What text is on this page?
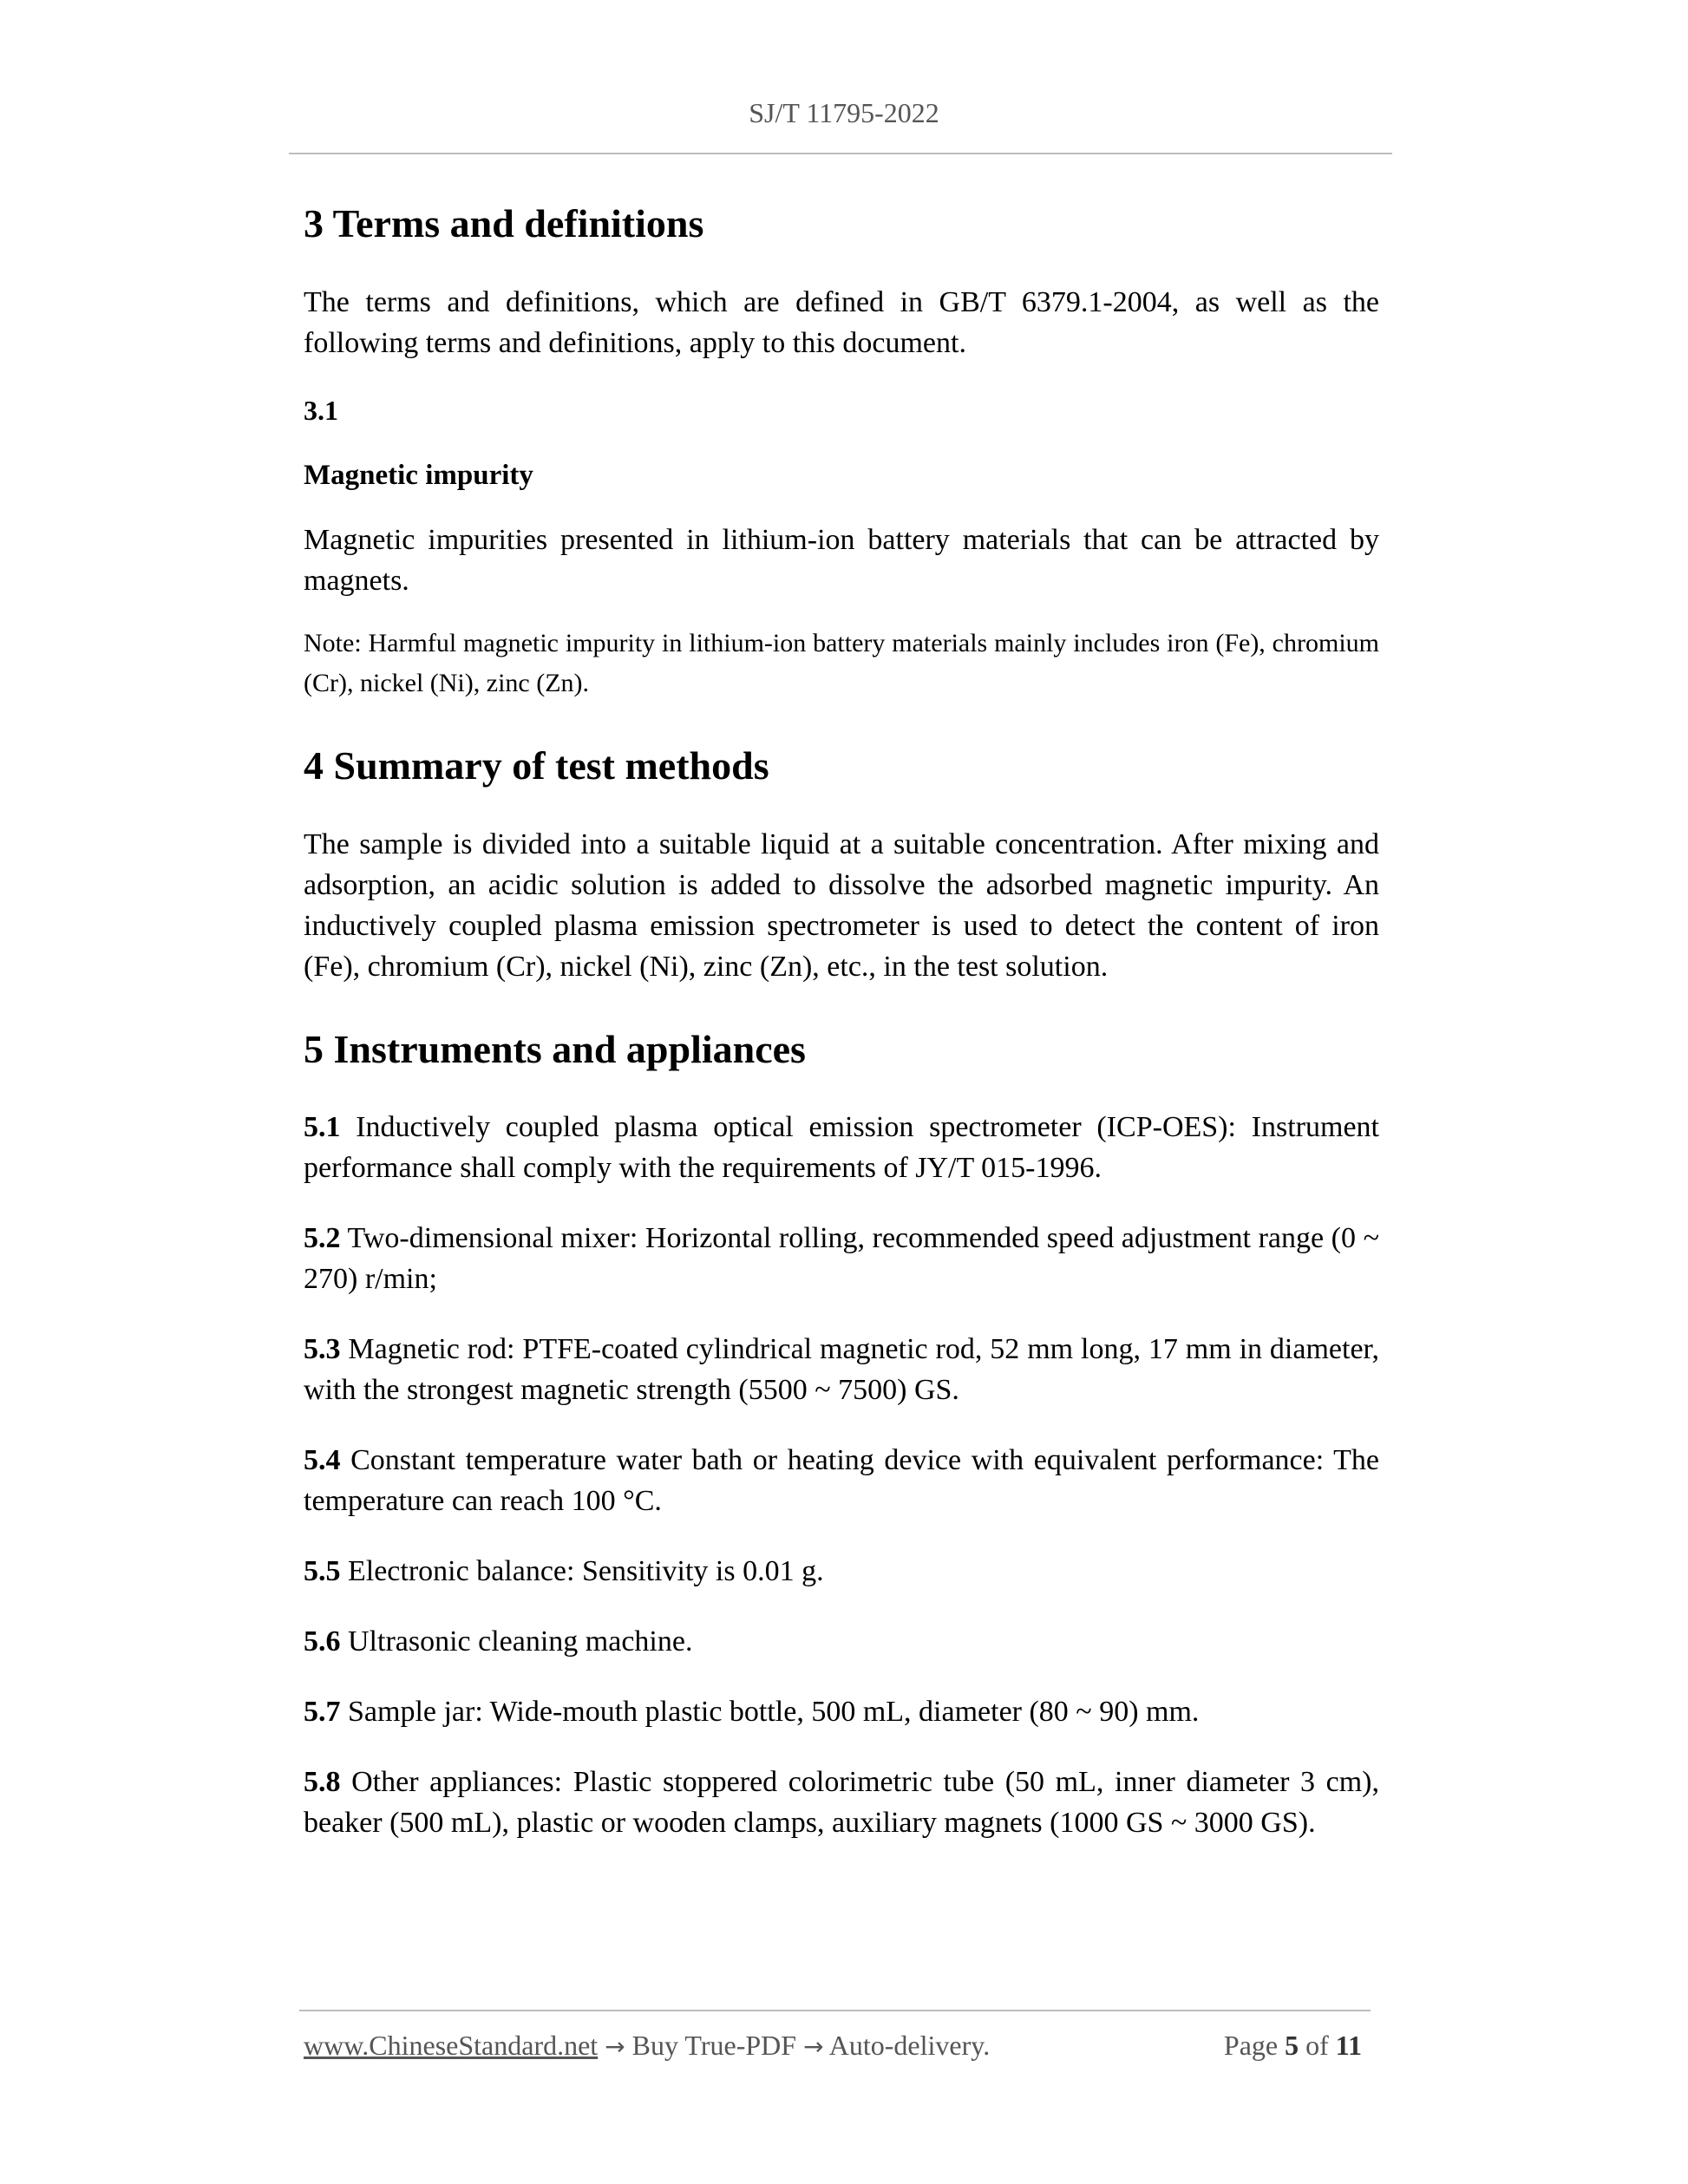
SJ/T 11795-2022
3 Terms and definitions

The terms and definitions, which are defined in GB/T 6379.1-2004, as well as the following terms and definitions, apply to this document.

3.1

Magnetic impurity

Magnetic impurities presented in lithium-ion battery materials that can be attracted by magnets.

Note: Harmful magnetic impurity in lithium-ion battery materials mainly includes iron (Fe), chromium (Cr), nickel (Ni), zinc (Zn).

4 Summary of test methods

The sample is divided into a suitable liquid at a suitable concentration. After mixing and adsorption, an acidic solution is added to dissolve the adsorbed magnetic impurity. An inductively coupled plasma emission spectrometer is used to detect the content of iron (Fe), chromium (Cr), nickel (Ni), zinc (Zn), etc., in the test solution.

5 Instruments and appliances

5.1 Inductively coupled plasma optical emission spectrometer (ICP-OES): Instrument performance shall comply with the requirements of JY/T 015-1996.

5.2 Two-dimensional mixer: Horizontal rolling, recommended speed adjustment range (0 ~ 270) r/min;

5.3 Magnetic rod: PTFE-coated cylindrical magnetic rod, 52 mm long, 17 mm in diameter, with the strongest magnetic strength (5500 ~ 7500) GS.

5.4 Constant temperature water bath or heating device with equivalent performance: The temperature can reach 100 °C.

5.5 Electronic balance: Sensitivity is 0.01 g.

5.6 Ultrasonic cleaning machine.

5.7 Sample jar: Wide-mouth plastic bottle, 500 mL, diameter (80 ~ 90) mm.

5.8 Other appliances: Plastic stoppered colorimetric tube (50 mL, inner diameter 3 cm), beaker (500 mL), plastic or wooden clamps, auxiliary magnets (1000 GS ~ 3000 GS).

www.ChineseStandard.net → Buy True-PDF → Auto-delivery.	Page 5 of 11
